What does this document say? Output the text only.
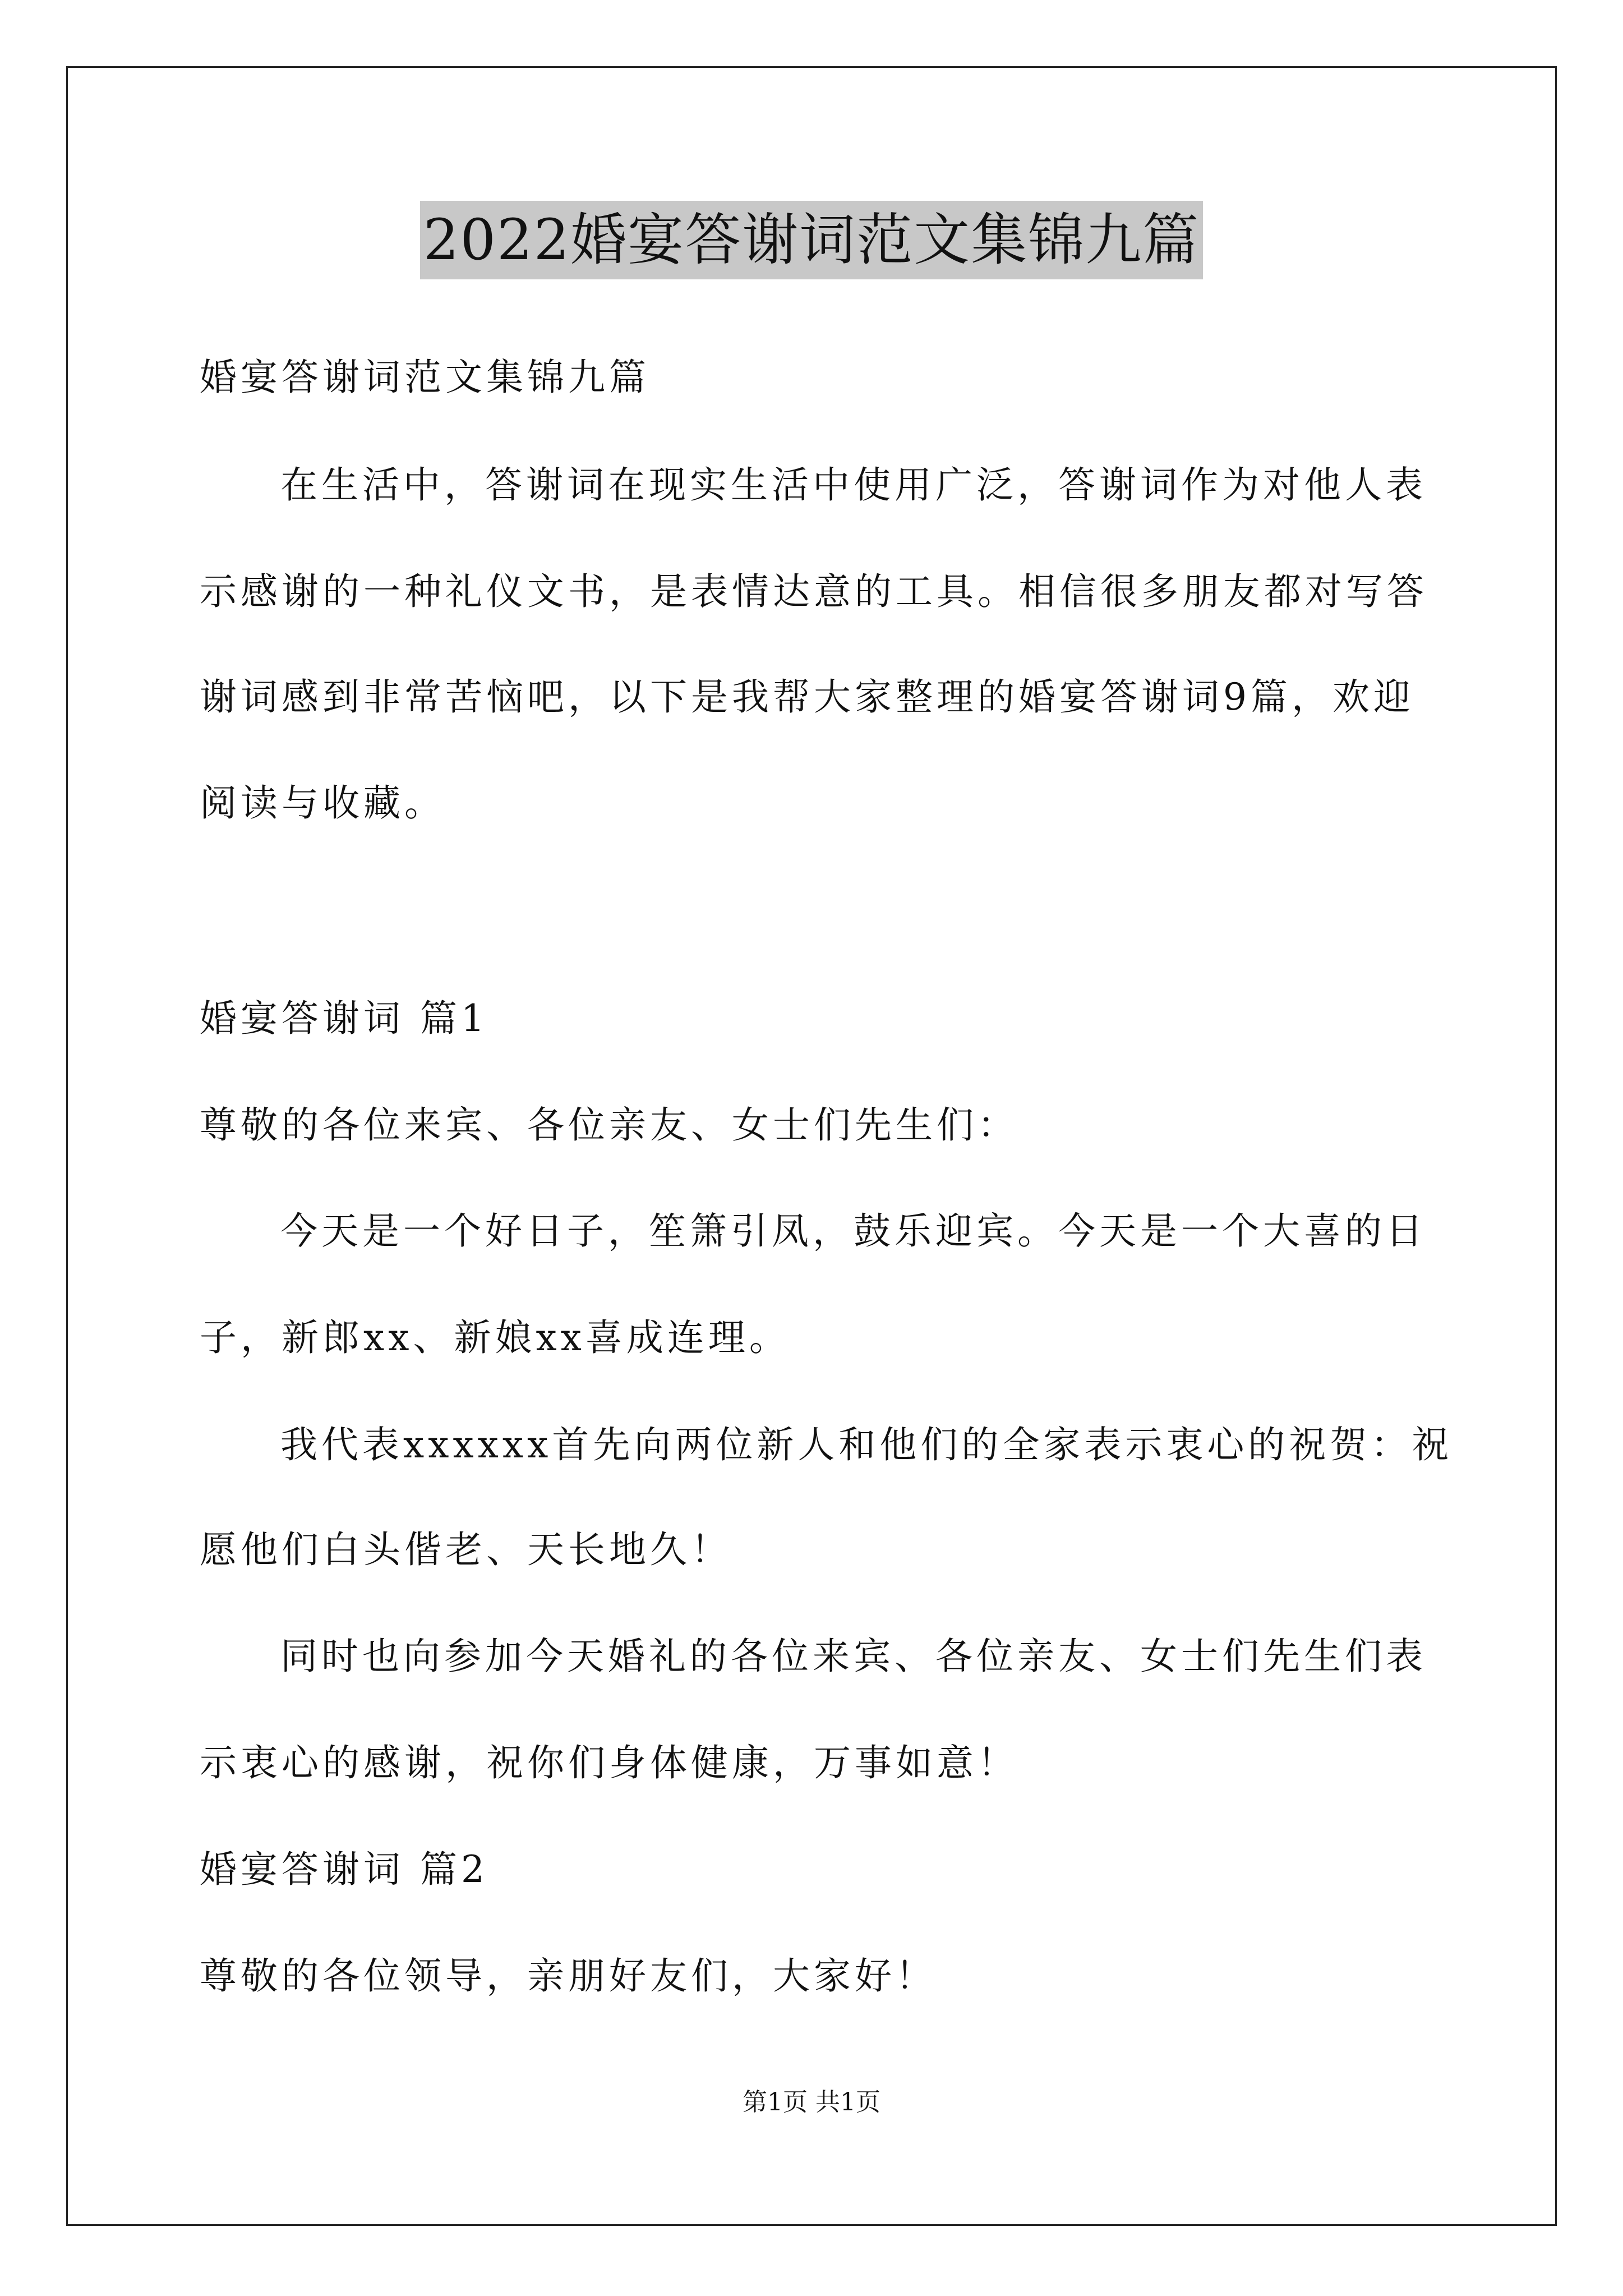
2022婚宴答谢词范文集锦九篇
婚宴答谢词范文集锦九篇
在生活中，答谢词在现实生活中使用广泛，答谢词作为对他人表
示感谢的一种礼仪文书，是表情达意的工具。相信很多朋友都对写答
谢词感到非常苦恼吧，以下是我帮大家整理的婚宴答谢词9篇，欢迎
阅读与收藏。
婚宴答谢词 篇1
尊敬的各位来宾、各位亲友、女士们先生们：
今天是一个好日子，笙箫引凤，鼓乐迎宾。今天是一个大喜的日
子，新郎xx、新娘xx喜成连理。
我代表xxxxxx首先向两位新人和他们的全家表示衷心的祝贺：祝
愿他们白头偕老、天长地久！
同时也向参加今天婚礼的各位来宾、各位亲友、女士们先生们表
示衷心的感谢，祝你们身体健康，万事如意！
婚宴答谢词 篇2
尊敬的各位领导，亲朋好友们，大家好！
第1页 共1页
